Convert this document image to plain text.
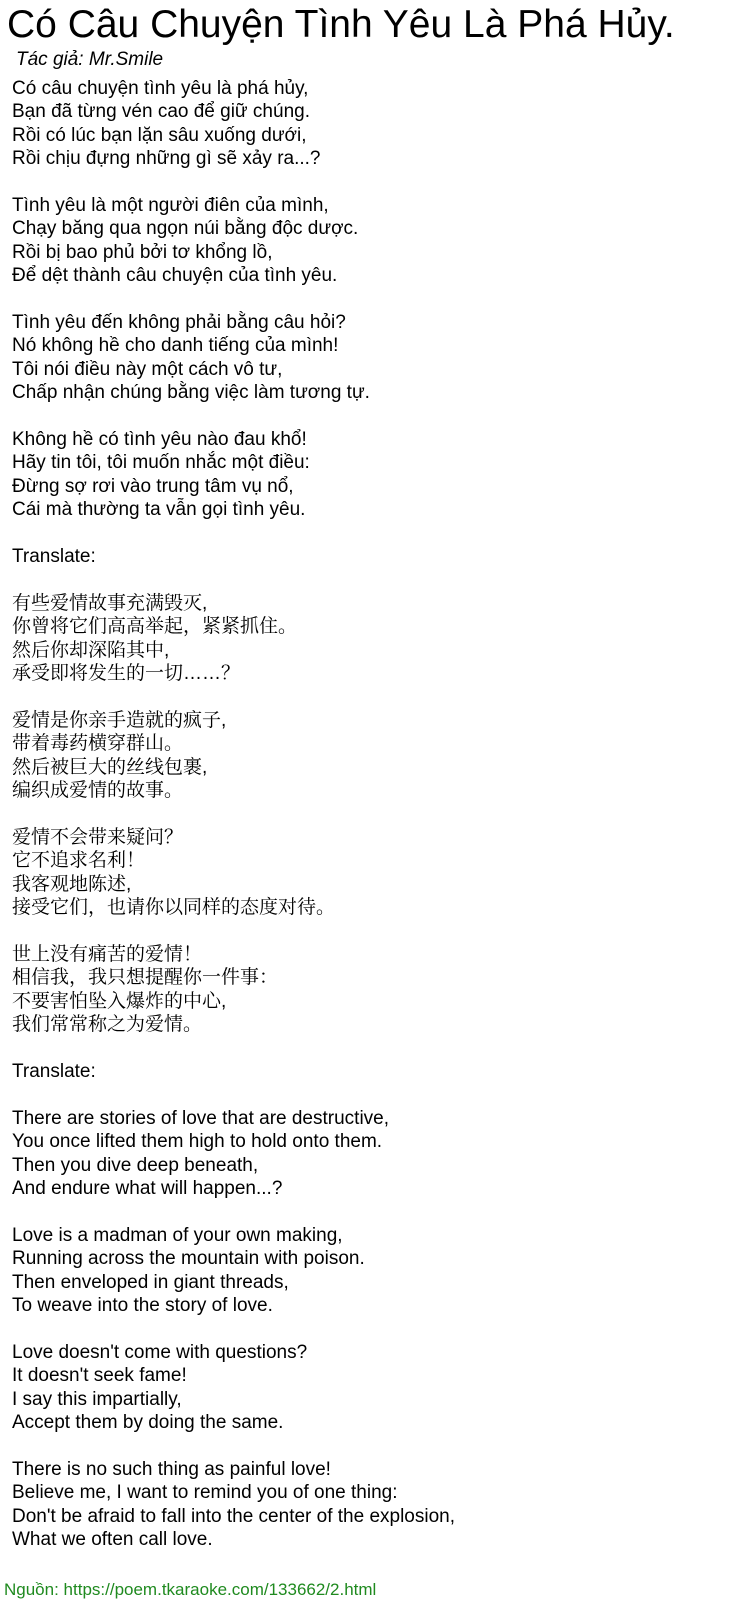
Có Câu Chuyện Tình Yêu Là Phá Hủy.
Tác giả: Mr.Smile
Có câu chuyện tình yêu là phá hủy,
Bạn đã từng vén cao để giữ chúng.
Rồi có lúc bạn lặn sâu xuống dưới,
Rồi chịu đựng những gì sẽ xảy ra...?
Tình yêu là một người điên của mình,
Chạy băng qua ngọn núi bằng độc dược.
Rồi bị bao phủ bởi tơ khổng lồ,
Để dệt thành câu chuyện của tình yêu.
Tình yêu đến không phải bằng câu hỏi?
Nó không hề cho danh tiếng của mình!
Tôi nói điều này một cách vô tư,
Chấp nhận chúng bằng việc làm tương tự.
Không hề có tình yêu nào đau khổ!
Hãy tin tôi, tôi muốn nhắc một điều:
Đừng sợ rơi vào trung tâm vụ nổ,
Cái mà thường ta vẫn gọi tình yêu.
Translate:
有些爱情故事充满毁灭,
你曾将它们高高举起，紧紧抓住。
然后你却深陷其中,
承受即将发生的一切……？
爱情是你亲手造就的疯子,
带着毒药横穿群山。
然后被巨大的丝线包裹,
编织成爱情的故事。
爱情不会带来疑问？
它不追求名利！
我客观地陈述,
接受它们，也请你以同样的态度对待。
世上没有痛苦的爱情！
相信我，我只想提醒你一件事：
不要害怕坠入爆炸的中心,
我们常常称之为爱情。
Translate:
There are stories of love that are destructive,
You once lifted them high to hold onto them.
Then you dive deep beneath,
And endure what will happen...?
Love is a madman of your own making,
Running across the mountain with poison.
Then enveloped in giant threads,
To weave into the story of love.
Love doesn't come with questions?
It doesn't seek fame!
I say this impartially,
Accept them by doing the same.
There is no such thing as painful love!
Believe me, I want to remind you of one thing:
Don't be afraid to fall into the center of the explosion,
What we often call love.
Nguồn: https://poem.tkaraoke.com/133662/2.html
